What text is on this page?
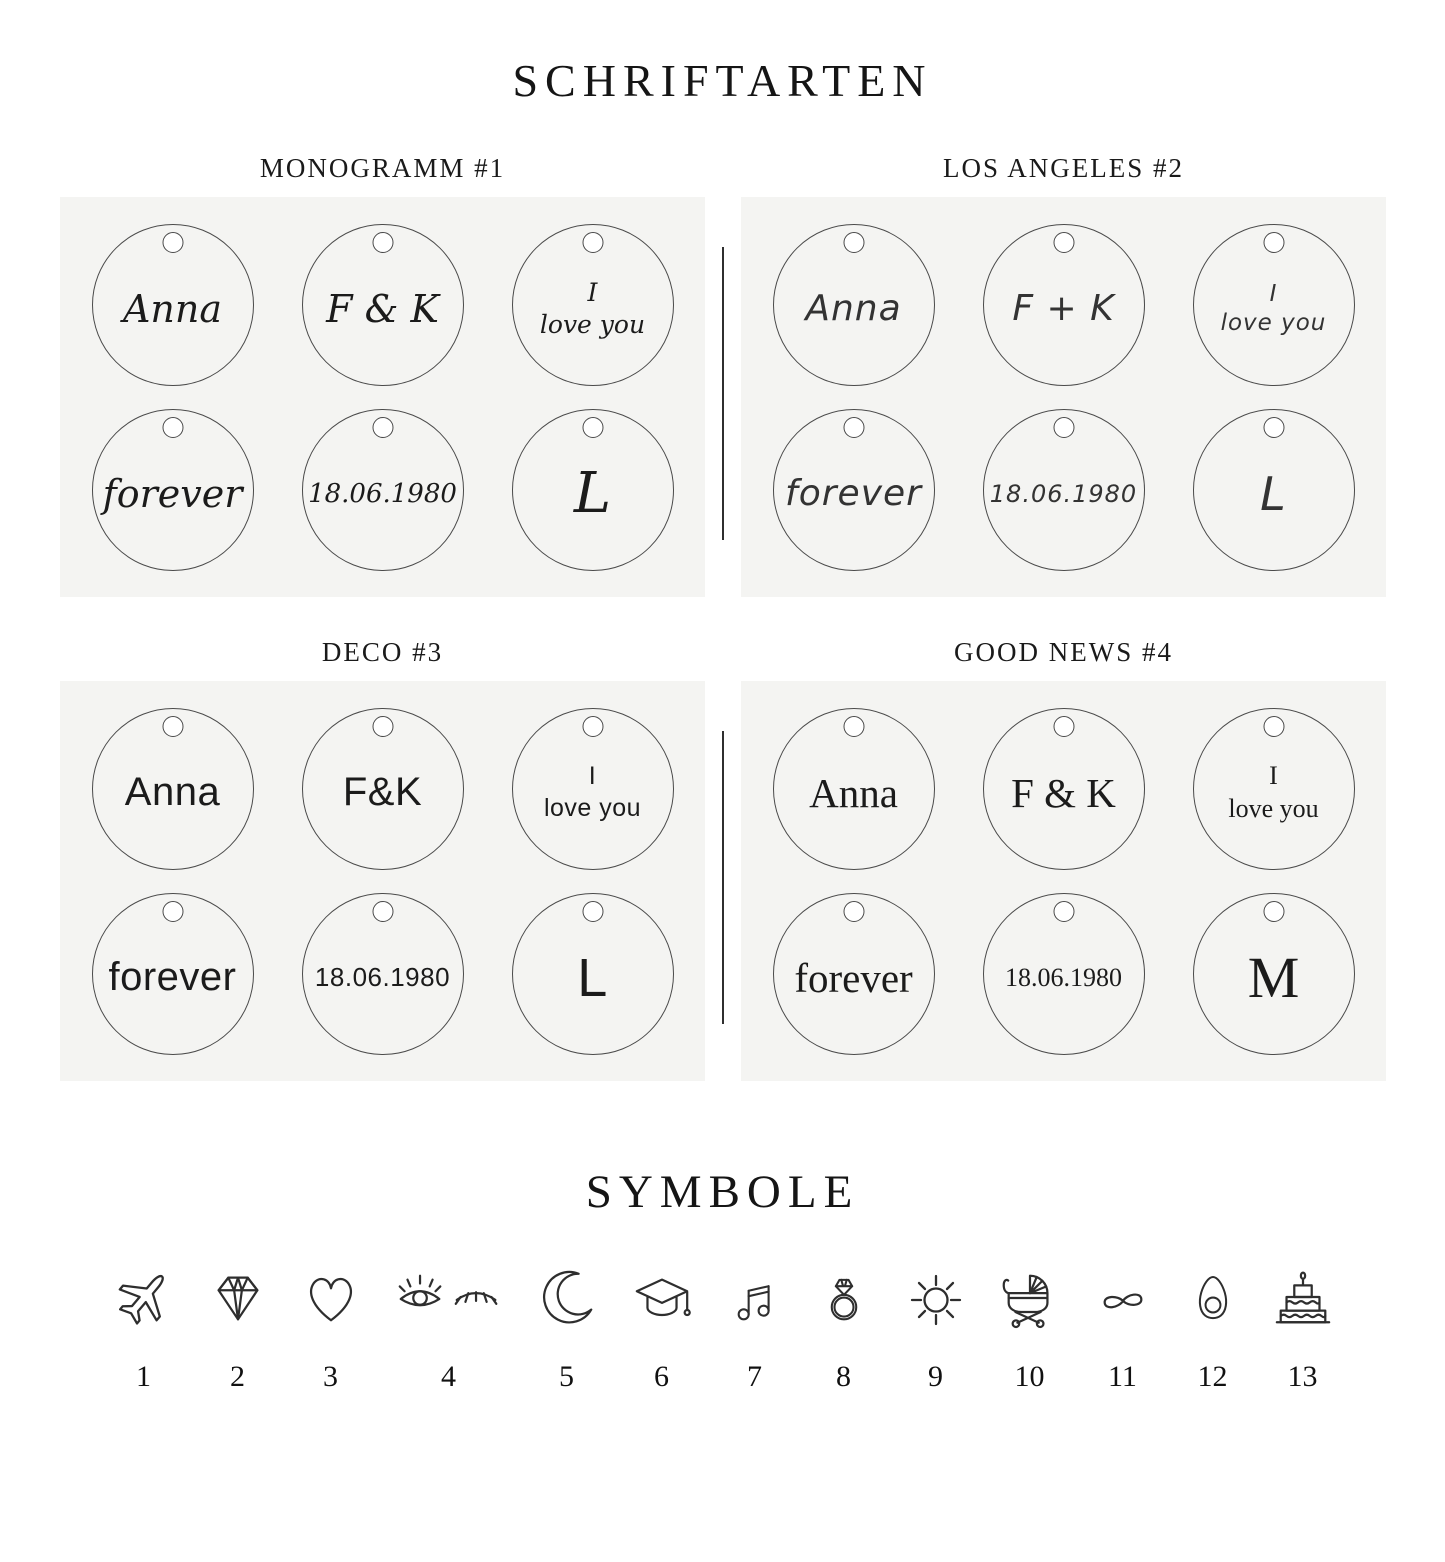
SCHRIFTARTEN
MONOGRAMM #1
Anna	F & K	I
love you
forever	18.06.1980 L
LOS ANGELES #2
Anna	F + K	I
love you
forever	18.06.1980	L
DECO #3
Anna	F&K	I
love you
forever	18.06.1980 L
GOOD NEWS #4
Anna	F & K	I
love you
forever	18.06.1980 M
SYMBOLE
1	2	3	4	5	6	7 8	9 10 11 12 13
